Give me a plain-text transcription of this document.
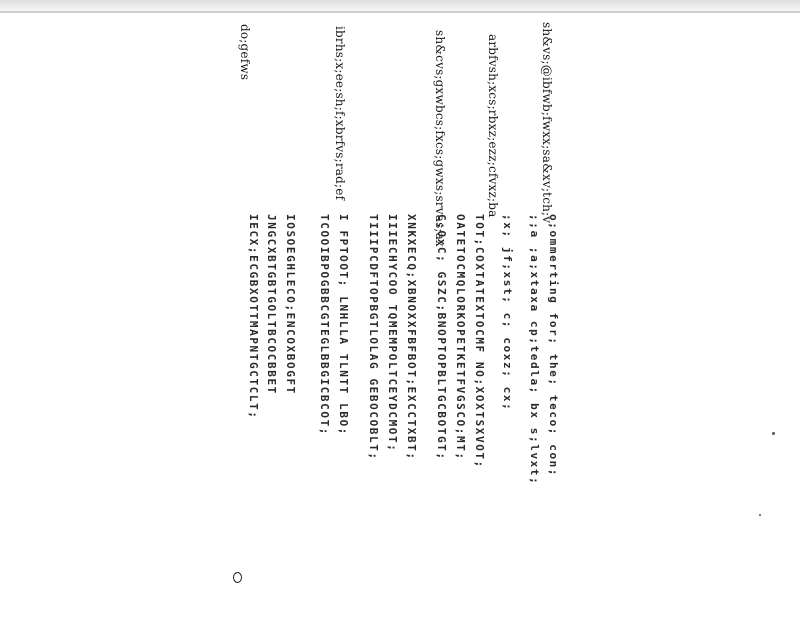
sh&vs;@ibfwb;fwxx;sa&xv;tch;v
arbfvsh;xcs;rbxz;ezz;cfvxz;ba
sh&cvs;gxwbcs;fxcs;gwxs;srvas;ax
ibrhs;x;ee;sh;f;xbrfvs;rad;ef
do;gefws
o;ommerting for; the; teco; con;
;;a ;a;xtaxa cp;tedla; bx s;lvxt;
;x; jf;xst; c; coxz; cx;
TOT;COXTATEXTOCMF NO;XOXTSXVOT;
OATETOCMQLORKOPETKETFVGSCO;MT;
C;OxC; GSZC;BNOPTOPBLTGCBOTGT;
XNKXECQ;XBNOXXFBFBOT;EXCCTXBT;
IIIECHYCOO TQMEMPOLTCEYDCMOT;
TIIIPCDFTOPBGTLOLAG GEBOCOBLT;
I FPTOOT; LNHLLA TLNTT LBO;
TCOOIBPOGBBCGTEGLBBGICBCOT;
IOSOEGHLECO;ENCOXBOGFT
JNGCXBTGBTGOLTBCOCBBET
IECX;ECGBXOTTMAPNTGCTCLT;
